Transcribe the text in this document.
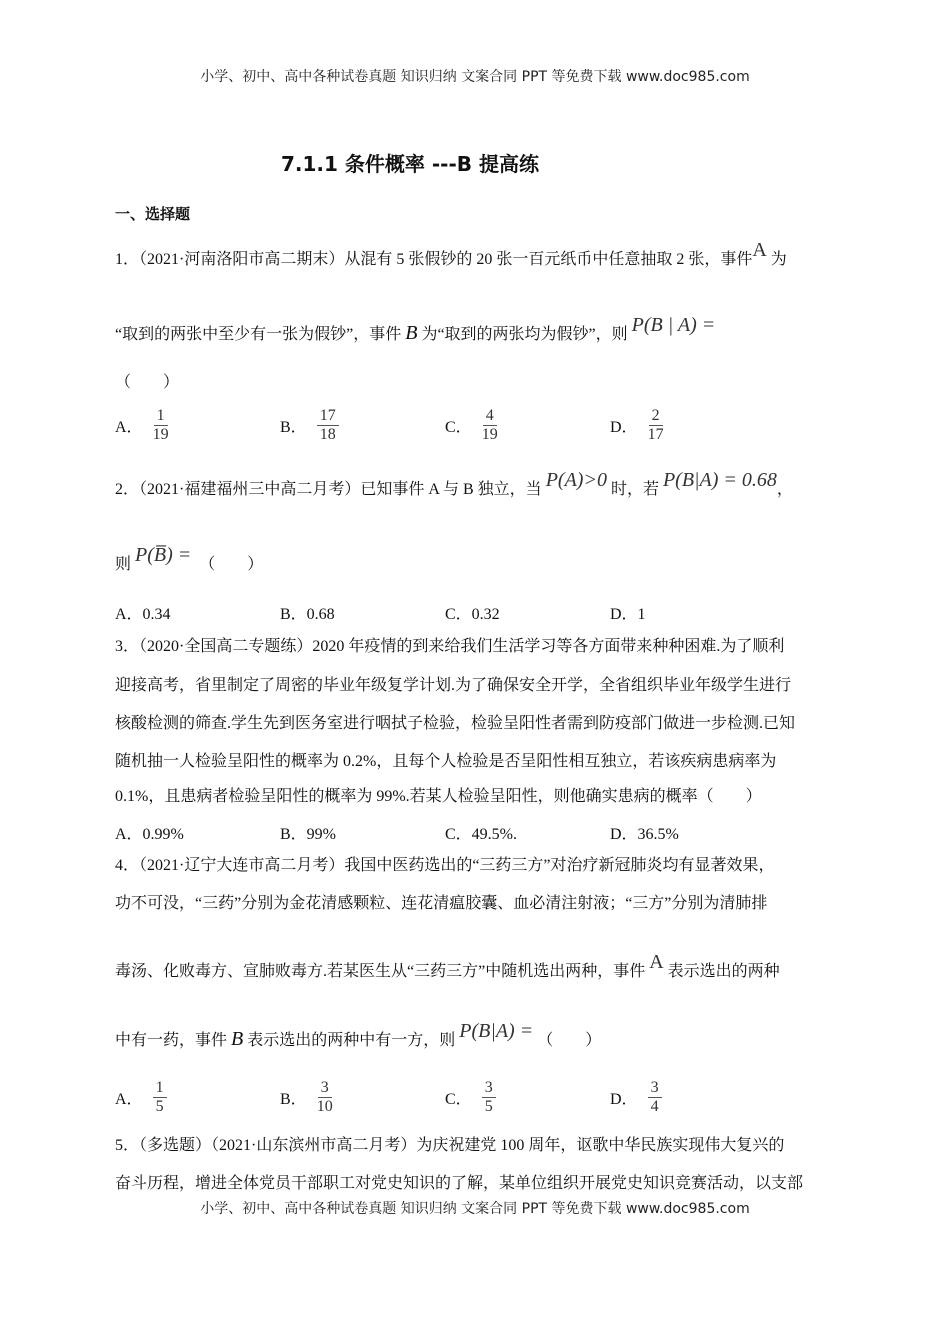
小学、初中、高中各种试卷真题 知识归纳 文案合同 PPT 等免费下载 www.doc985.com
7.1.1 条件概率 ---B 提高练
一、选择题
1．（2021·河南洛阳市高二期末）从混有 5 张假钞的 20 张一百元纸币中任意抽取 2 张，事件A 为
“取到的两张中至少有一张为假钞”，事件 B 为“取到的两张均为假钞”，则 P(B | A) =
（　　）
A． $\frac{1}{19}$	B． $\frac{17}{18}$	C． $\frac{4}{19}$	D． $\frac{2}{17}$
2．（2021·福建福州三中高二月考）已知事件 A 与 B 独立，当 P(A)>0 时，若 P(B|A) = 0.68，
则 P(B̅) =　（　　）
A．0.34	B．0.68	C．0.32	D．1
3．（2020·全国高二专题练）2020 年疫情的到来给我们生活学习等各方面带来种种困难.为了顺利
迎接高考，省里制定了周密的毕业年级复学计划.为了确保安全开学，全省组织毕业年级学生进行
核酸检测的筛查.学生先到医务室进行咽拭子检验，检验呈阳性者需到防疫部门做进一步检测.已知
随机抽一人检验呈阳性的概率为 0.2%，且每个人检验是否呈阳性相互独立，若该疾病患病率为
0.1%，且患病者检验呈阳性的概率为 99%.若某人检验呈阳性，则他确实患病的概率（　　）
A．0.99%	B．99%	C．49.5%.	D．36.5%
4．（2021·辽宁大连市高二月考）我国中医药选出的“三药三方”对治疗新冠肺炎均有显著效果，
功不可没，“三药”分别为金花清感颗粒、连花清瘟胶囊、血必清注射液；“三方”分别为清肺排
毒汤、化败毒方、宣肺败毒方.若某医生从“三药三方”中随机选出两种，事件 A 表示选出的两种
中有一药，事件 B 表示选出的两种中有一方，则 P(B|A) = （　　）
A． $\frac{1}{5}$	B． $\frac{3}{10}$	C． $\frac{3}{5}$	D． $\frac{3}{4}$
5．（多选题）（2021·山东滨州市高二月考）为庆祝建党 100 周年，讴歌中华民族实现伟大复兴的
奋斗历程，增进全体党员干部职工对党史知识的了解，某单位组织开展党史知识竞赛活动，以支部
小学、初中、高中各种试卷真题 知识归纳 文案合同 PPT 等免费下载 www.doc985.com
